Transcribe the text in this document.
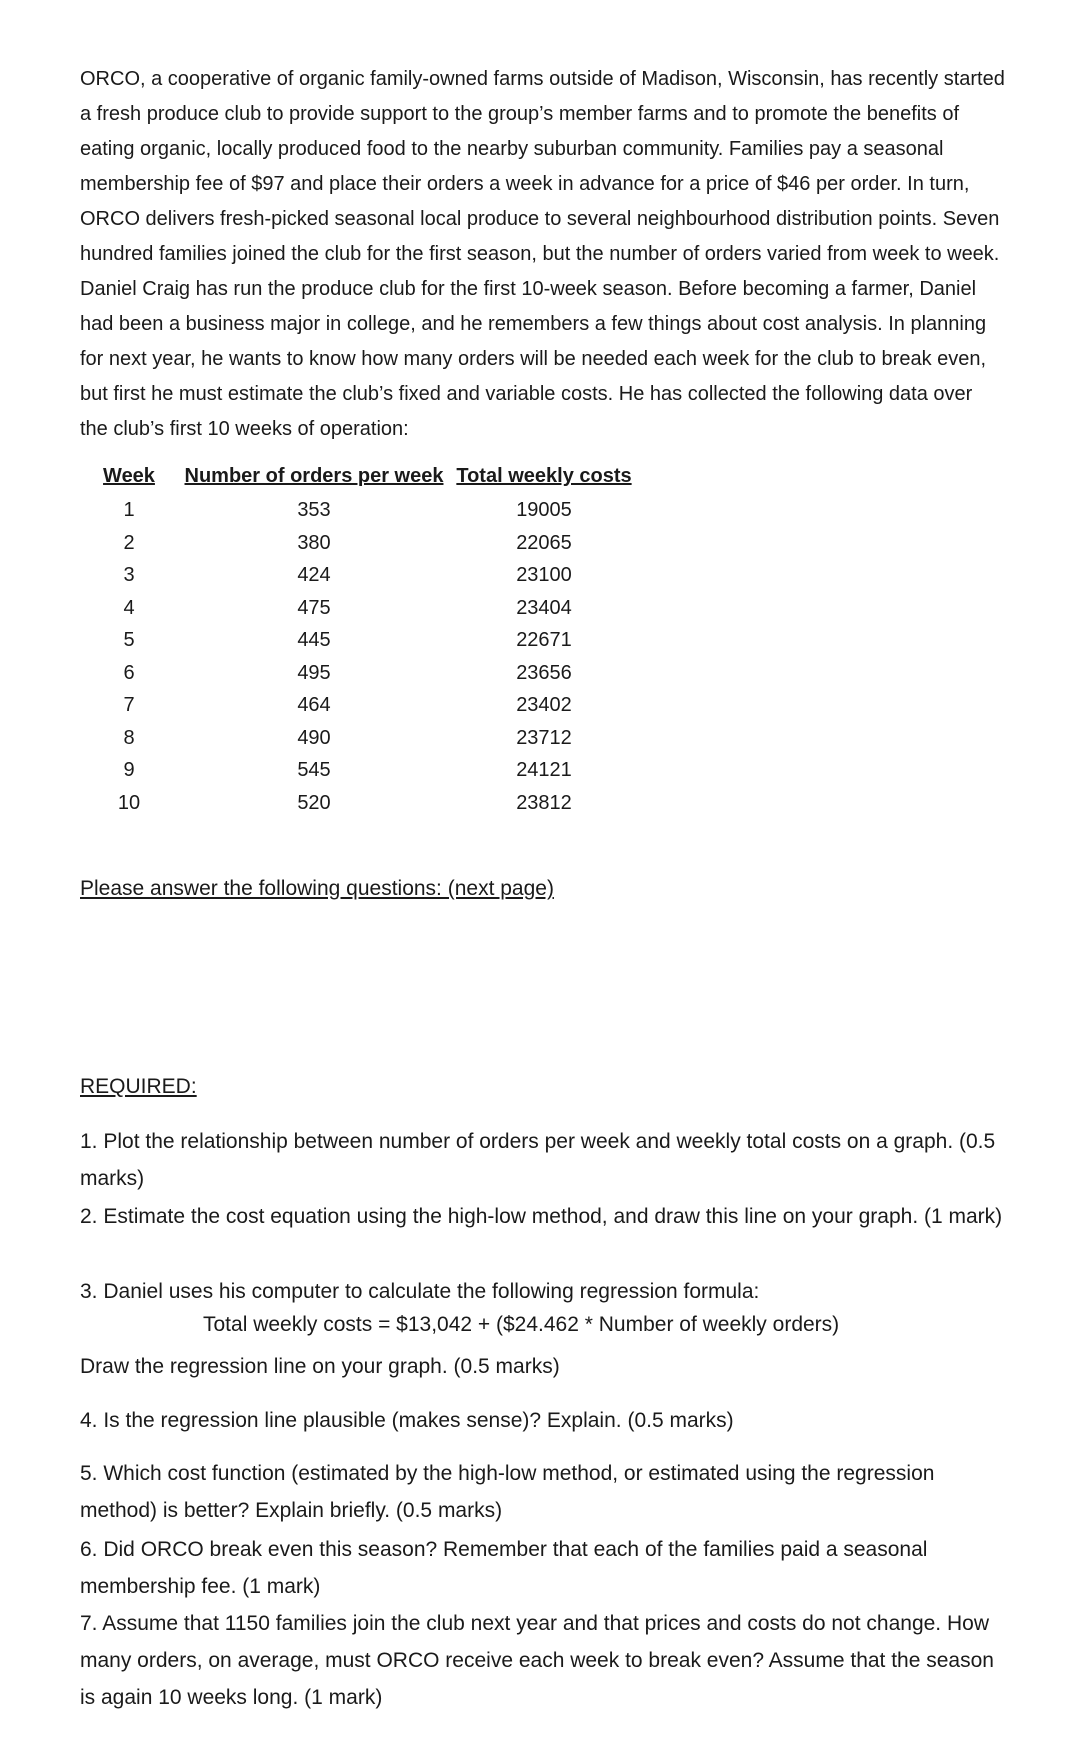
ORCO, a cooperative of organic family-owned farms outside of Madison, Wisconsin, has recently started a fresh produce club to provide support to the group’s member farms and to promote the benefits of eating organic, locally produced food to the nearby suburban community. Families pay a seasonal membership fee of $97 and place their orders a week in advance for a price of $46 per order. In turn, ORCO delivers fresh-picked seasonal local produce to several neighbourhood distribution points. Seven hundred families joined the club for the first season, but the number of orders varied from week to week. Daniel Craig has run the produce club for the first 10-week season. Before becoming a farmer, Daniel had been a business major in college, and he remembers a few things about cost analysis. In planning for next year, he wants to know how many orders will be needed each week for the club to break even, but first he must estimate the club’s fixed and variable costs. He has collected the following data over the club’s first 10 weeks of operation:

Week	Number of orders per week	Total weekly costs
1	353	19005
2	380	22065
3	424	23100
4	475	23404
5	445	22671
6	495	23656
7	464	23402
8	490	23712
9	545	24121
10	520	23812

Please answer the following questions: (next page)

REQUIRED:

1. Plot the relationship between number of orders per week and weekly total costs on a graph. (0.5 marks)

2. Estimate the cost equation using the high-low method, and draw this line on your graph. (1 mark)

3. Daniel uses his computer to calculate the following regression formula:

Total weekly costs = $13,042 + ($24.462 * Number of weekly orders)

Draw the regression line on your graph. (0.5 marks)

4. Is the regression line plausible (makes sense)? Explain. (0.5 marks)

5. Which cost function (estimated by the high-low method, or estimated using the regression method) is better? Explain briefly. (0.5 marks)

6. Did ORCO break even this season? Remember that each of the families paid a seasonal membership fee. (1 mark)

7. Assume that 1150 families join the club next year and that prices and costs do not change. How many orders, on average, must ORCO receive each week to break even? Assume that the season is again 10 weeks long. (1 mark)
